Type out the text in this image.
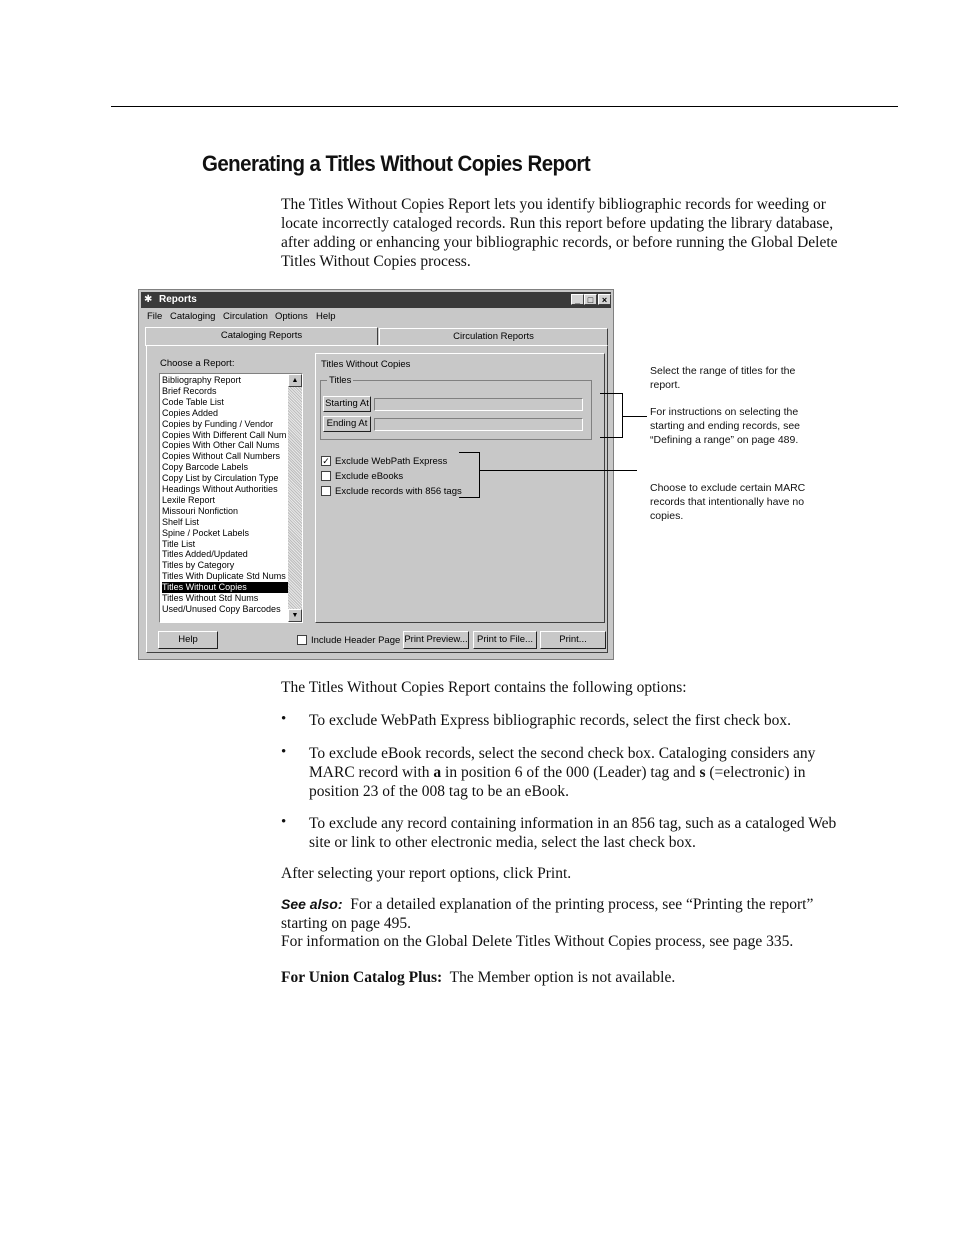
Generating a Titles Without Copies Report
The Titles Without Copies Report lets you identify bibliographic records for weeding or locate incorrectly cataloged records. Run this report before updating the library database, after adding or enhancing your bibliographic records, or before running the Global Delete Titles Without Copies process.
✱ Reports	_ □ ×
File Cataloging Circulation Options Help
Cataloging Reports	Circulation Reports
Choose a Report:
Bibliography Report
Brief Records
Code Table List
Copies Added
Copies by Funding / Vendor
Copies With Different Call Num
Copies With Other Call Nums
Copies Without Call Numbers
Copy Barcode Labels
Copy List by Circulation Type
Headings Without Authorities
Lexile Report
Missouri Nonfiction
Shelf List
Spine / Pocket Labels
Title List
Titles Added/Updated
Titles by Category
Titles With Duplicate Std Nums
Titles Without Copies
Titles Without Std Nums
Used/Unused Copy Barcodes
▲
▼
Titles Without Copies
Titles
Starting At
Ending At
✓ Exclude WebPath Express
Exclude eBooks
Exclude records with 856 tags
Help	Include Header Page Print Preview... Print to File...	Print...
Select the range of titles for the report.
For instructions on selecting the starting and ending records, see “Defining a range” on page 489.
Choose to exclude certain MARC records that intentionally have no copies.
The Titles Without Copies Report contains the following options:
• To exclude WebPath Express bibliographic records, select the first check box.
• To exclude eBook records, select the second check box. Cataloging considers any MARC record with a in position 6 of the 000 (Leader) tag and s (=electronic) in position 23 of the 008 tag to be an eBook.
• To exclude any record containing information in an 856 tag, such as a cataloged Web site or link to other electronic media, select the last check box.
After selecting your report options, click Print.
See also: For a detailed explanation of the printing process, see “Printing the report” starting on page 495.
For information on the Global Delete Titles Without Copies process, see page 335.
For Union Catalog Plus: The Member option is not available.
